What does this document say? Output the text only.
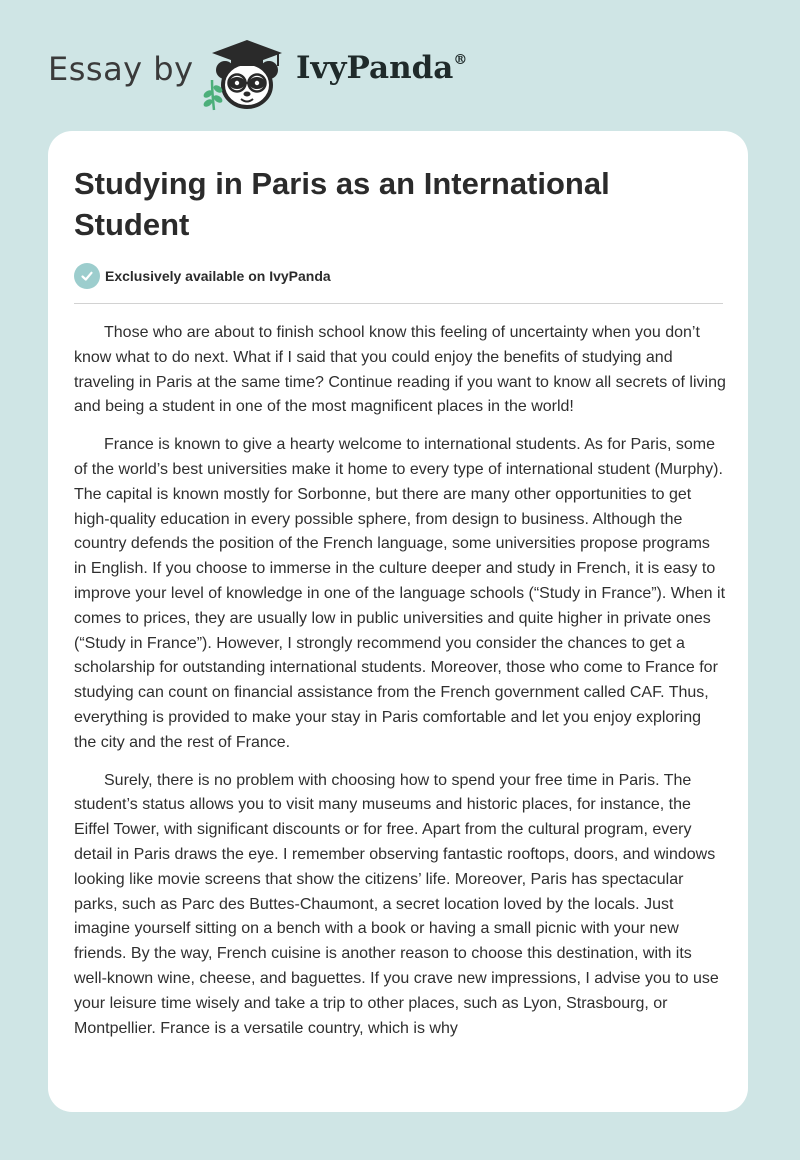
Essay by	IvyPanda®
Studying in Paris as an International Student
Exclusively available on IvyPanda

Those who are about to finish school know this feeling of uncertainty when you don’t know what to do next. What if I said that you could enjoy the benefits of studying and traveling in Paris at the same time? Continue reading if you want to know all secrets of living and being a student in one of the most magnificent places in the world!

France is known to give a hearty welcome to international students. As for Paris, some of the world’s best universities make it home to every type of international student (Murphy). The capital is known mostly for Sorbonne, but there are many other opportunities to get high-quality education in every possible sphere, from design to business. Although the country defends the position of the French language, some universities propose programs in English. If you choose to immerse in the culture deeper and study in French, it is easy to improve your level of knowledge in one of the language schools (“Study in France”). When it comes to prices, they are usually low in public universities and quite higher in private ones (“Study in France”). However, I strongly recommend you consider the chances to get a scholarship for outstanding international students. Moreover, those who come to France for studying can count on financial assistance from the French government called CAF. Thus, everything is provided to make your stay in Paris comfortable and let you enjoy exploring the city and the rest of France.

Surely, there is no problem with choosing how to spend your free time in Paris. The student’s status allows you to visit many museums and historic places, for instance, the Eiffel Tower, with significant discounts or for free. Apart from the cultural program, every detail in Paris draws the eye. I remember observing fantastic rooftops, doors, and windows looking like movie screens that show the citizens’ life. Moreover, Paris has spectacular parks, such as Parc des Buttes-Chaumont, a secret location loved by the locals. Just imagine yourself sitting on a bench with a book or having a small picnic with your new friends. By the way, French cuisine is another reason to choose this destination, with its well-known wine, cheese, and baguettes. If you crave new impressions, I advise you to use your leisure time wisely and take a trip to other places, such as Lyon, Strasbourg, or Montpellier. France is a versatile country, which is why
